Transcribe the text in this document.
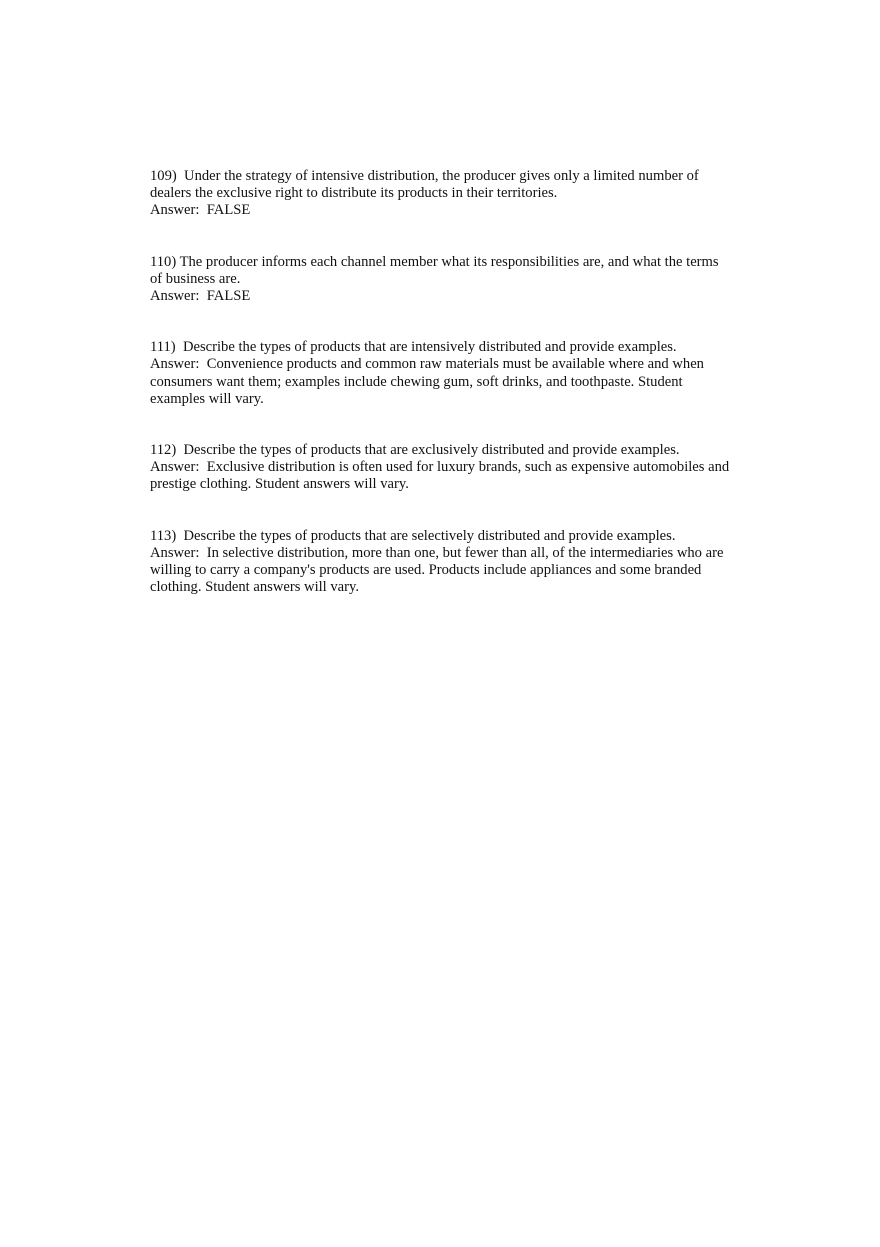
109)  Under the strategy of intensive distribution, the producer gives only a limited number of dealers the exclusive right to distribute its products in their territories.

Answer:  FALSE

110) The producer informs each channel member what its responsibilities are, and what the terms of business are.

Answer:  FALSE

111)  Describe the types of products that are intensively distributed and provide examples.

Answer:  Convenience products and common raw materials must be available where and when consumers want them; examples include chewing gum, soft drinks, and toothpaste. Student examples will vary.

112)  Describe the types of products that are exclusively distributed and provide examples.

Answer:  Exclusive distribution is often used for luxury brands, such as expensive automobiles and prestige clothing. Student answers will vary.

113)  Describe the types of products that are selectively distributed and provide examples.

Answer:  In selective distribution, more than one, but fewer than all, of the intermediaries who are willing to carry a company's products are used. Products include appliances and some branded clothing. Student answers will vary.
